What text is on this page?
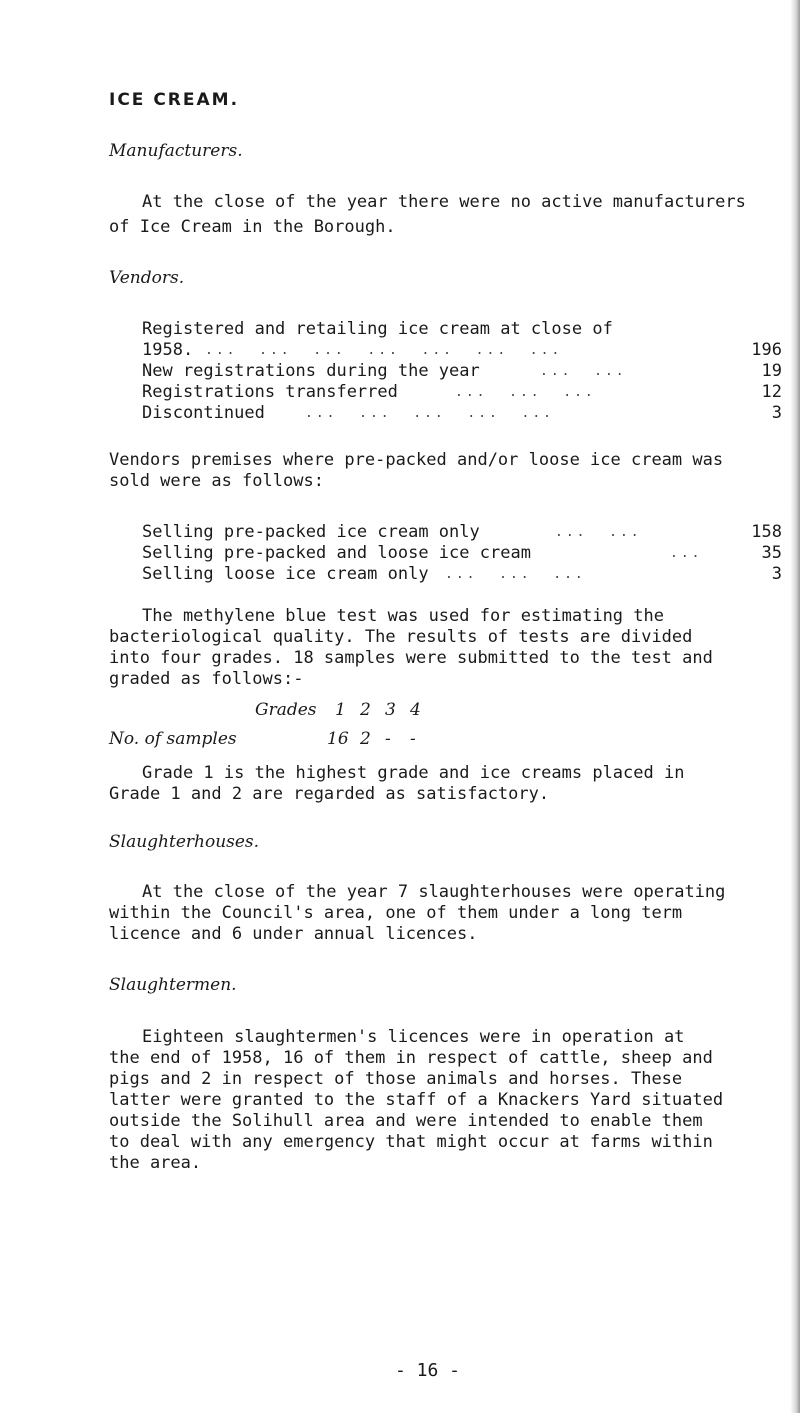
ICE CREAM.
Manufacturers.
At the close of the year there were no active manufacturers
of Ice Cream in the Borough.
Vendors.
Registered and retailing ice cream at close of
1958. ...  ...  ...  ...  ...  ...  ...	196
New registrations during the year	...  ...	19
Registrations transferred	...  ...  ...	12
Discontinued	...  ...  ...  ...  ...	3
Vendors premises where pre-packed and/or loose ice cream was
sold were as follows:
Selling pre-packed ice cream only	...  ...	158
Selling pre-packed and loose ice cream	...	35
Selling loose ice cream only ...  ...  ...	3
The methylene blue test was used for estimating the
bacteriological quality. The results of tests are divided
into four grades. 18 samples were submitted to the test and
graded as follows:-
Grades 1 2 3 4
No. of samples	16 2 - -
Grade 1 is the highest grade and ice creams placed in
Grade 1 and 2 are regarded as satisfactory.
Slaughterhouses.
At the close of the year 7 slaughterhouses were operating
within the Council's area, one of them under a long term
licence and 6 under annual licences.
Slaughtermen.
Eighteen slaughtermen's licences were in operation at
the end of 1958, 16 of them in respect of cattle, sheep and
pigs and 2 in respect of those animals and horses. These
latter were granted to the staff of a Knackers Yard situated
outside the Solihull area and were intended to enable them
to deal with any emergency that might occur at farms within
the area.
- 16 -
